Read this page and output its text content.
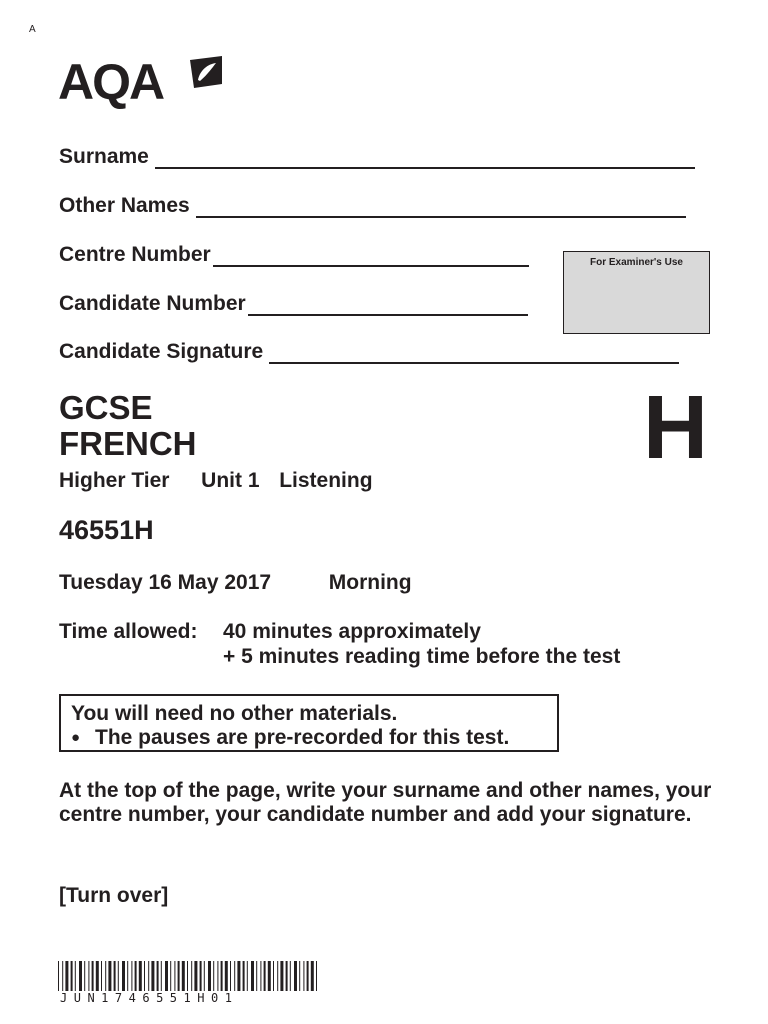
A
AQA
Surname
Other Names
Centre Number
Candidate Number
Candidate Signature
For Examiner's Use
GCSE
FRENCH	H
Higher Tier Unit 1 Listening
46551H
Tuesday 16 May 2017	Morning
Time allowed: 40 minutes approximately
+ 5 minutes reading time before the test
You will need no other materials.
● The pauses are pre-recorded for this test.
At the top of the page, write your surname and other names, your centre number, your candidate number and add your signature.
[Turn over]
JUN1746551H01
